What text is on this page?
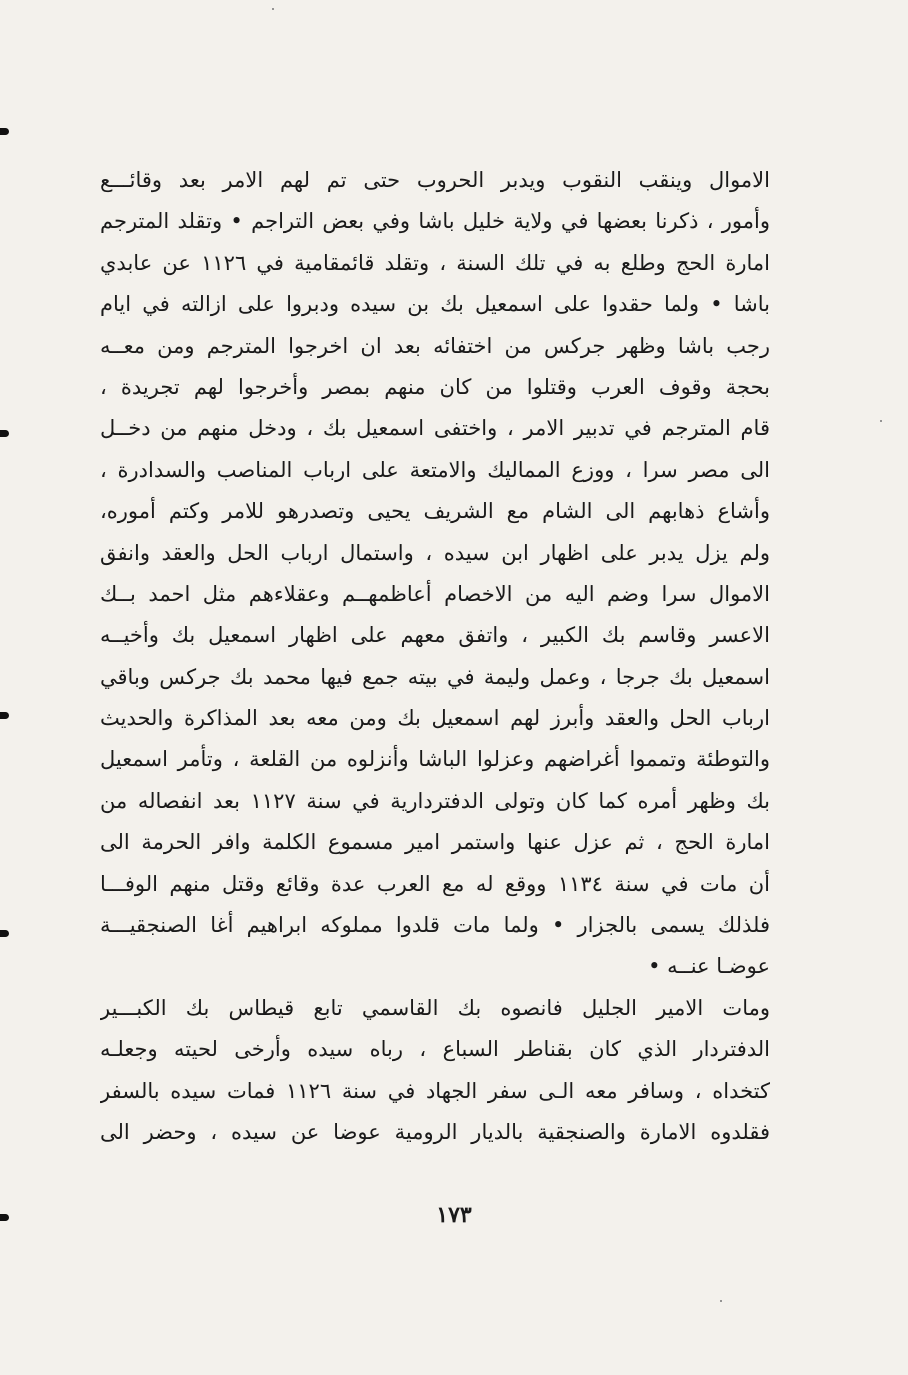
الاموال وينقب النقوب ويدبر الحروب حتى تم لهم الامر بعد وقائـــع
وأمور ، ذكرنا بعضها في ولاية خليل باشا وفي بعض التراجم • وتقلد المترجم
امارة الحج وطلع به في تلك السنة ، وتقلد قائمقامية في ١١٢٦ عن عابدي
باشا • ولما حقدوا على اسمعيل بك بن سيده ودبروا على ازالته في ايام
رجب باشا وظهر جركس من اختفائه بعد ان اخرجوا المترجم ومن معــه
بحجة وقوف العرب وقتلوا من كان منهم بمصر وأخرجوا لهم تجريدة ،
قام المترجم في تدبير الامر ، واختفى اسمعيل بك ، ودخل منهم من دخــل
الى مصر سرا ، ووزع المماليك والامتعة على ارباب المناصب والسدادرة ،
وأشاع ذهابهم الى الشام مع الشريف يحيى وتصدرهو للامر وكتم أموره،
ولم يزل يدبر على اظهار ابن سيده ، واستمال ارباب الحل والعقد وانفق
الاموال سرا وضم اليه من الاخصام أعاظمهــم وعقلاءهم مثل احمد بــك
الاعسر وقاسم بك الكبير ، واتفق معهم على اظهار اسمعيل بك وأخيــه
اسمعيل بك جرجا ، وعمل وليمة في بيته جمع فيها محمد بك جركس وباقي
ارباب الحل والعقد وأبرز لهم اسمعيل بك ومن معه بعد المذاكرة والحديث
والتوطئة وتمموا أغراضهم وعزلوا الباشا وأنزلوه من القلعة ، وتأمر اسمعيل
بك وظهر أمره كما كان وتولى الدفتردارية في سنة ١١٢٧ بعد انفصاله من
امارة الحج ، ثم عزل عنها واستمر امير مسموع الكلمة وافر الحرمة الى
أن مات في سنة ١١٣٤ ووقع له مع العرب عدة وقائع وقتل منهم الوفـــا
فلذلك يسمى بالجزار • ولما مات قلدوا مملوكه ابراهيم أغا الصنجقيـــة
عوضـا عنــه •
ومات الامير الجليل فانصوه بك القاسمي تابع قيطاس بك الكبـــير
الدفتردار الذي كان بقناطر السباع ، رباه سيده وأرخى لحيته وجعلـه
كتخداه ، وسافر معه الـى سفر الجهاد في سنة ١١٢٦ فمات سيده بالسفر
فقلدوه الامارة والصنجقية بالديار الرومية عوضا عن سيده ، وحضر الى
١٧٣
